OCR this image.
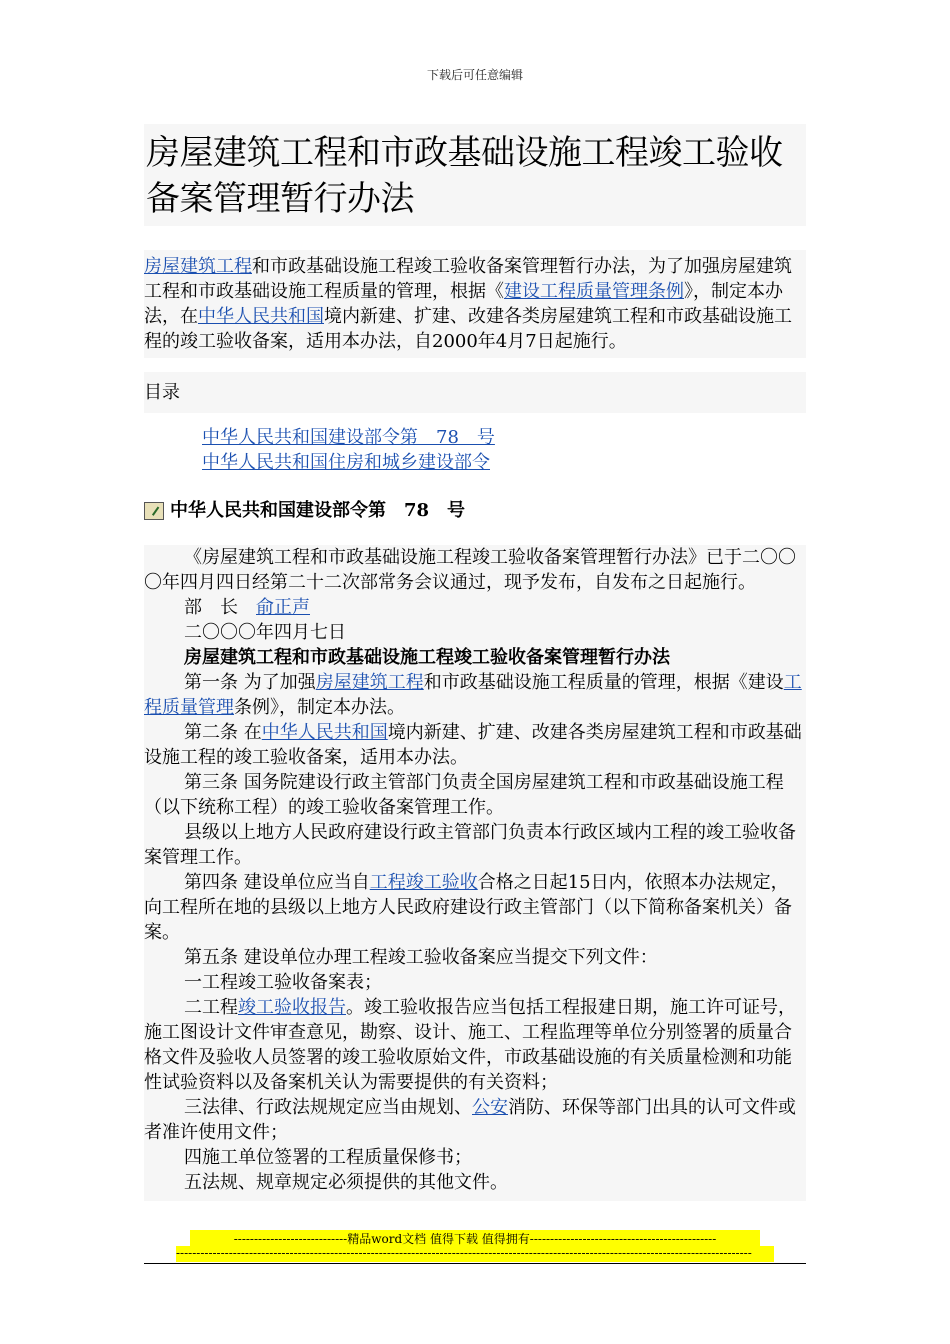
下载后可任意编辑
房屋建筑工程和市政基础设施工程竣工验收备案管理暂行办法

房屋建筑工程和市政基础设施工程竣工验收备案管理暂行办法，为了加强房屋建筑工程和市政基础设施工程质量的管理，根据《建设工程质量管理条例》，制定本办法，在中华人民共和国境内新建、扩建、改建各类房屋建筑工程和市政基础设施工程的竣工验收备案，适用本办法，自2000年4月7日起施行。

目录

中华人民共和国建设部令第　78　号
中华人民共和国住房和城乡建设部令
中华人民共和国建设部令第　78　号

《房屋建筑工程和市政基础设施工程竣工验收备案管理暂行办法》已于二〇〇〇年四月四日经第二十二次部常务会议通过，现予发布，自发布之日起施行。

部　长　俞正声

二〇〇〇年四月七日

房屋建筑工程和市政基础设施工程竣工验收备案管理暂行办法

第一条 为了加强房屋建筑工程和市政基础设施工程质量的管理，根据《建设工程质量管理条例》，制定本办法。

第二条 在中华人民共和国境内新建、扩建、改建各类房屋建筑工程和市政基础设施工程的竣工验收备案，适用本办法。

第三条 国务院建设行政主管部门负责全国房屋建筑工程和市政基础设施工程（以下统称工程）的竣工验收备案管理工作。

县级以上地方人民政府建设行政主管部门负责本行政区域内工程的竣工验收备案管理工作。

第四条 建设单位应当自工程竣工验收合格之日起15日内，依照本办法规定，向工程所在地的县级以上地方人民政府建设行政主管部门（以下简称备案机关）备案。

第五条 建设单位办理工程竣工验收备案应当提交下列文件：

一工程竣工验收备案表；

二工程竣工验收报告。竣工验收报告应当包括工程报建日期，施工许可证号，施工图设计文件审查意见，勘察、设计、施工、工程监理等单位分别签署的质量合格文件及验收人员签署的竣工验收原始文件，市政基础设施的有关质量检测和功能性试验资料以及备案机关认为需要提供的有关资料；

三法律、行政法规规定应当由规划、公安消防、环保等部门出具的认可文件或者准许使用文件；

四施工单位签署的工程质量保修书；

五法规、规章规定必须提供的其他文件。

----------------------------精品word文档 值得下载 值得拥有----------------------------------------------
----------------------------------------------------------------------------------------------------------------------------------------------
